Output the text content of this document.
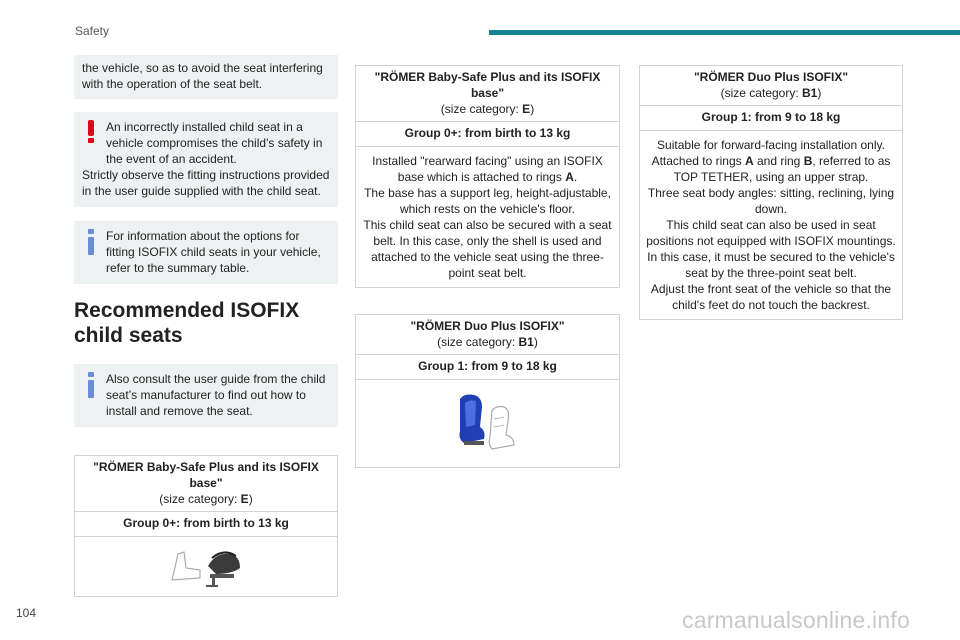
Safety

the vehicle, so as to avoid the seat interfering with the operation of the seat belt.

An incorrectly installed child seat in a vehicle compromises the child's safety in the event of an accident.

Strictly observe the fitting instructions provided in the user guide supplied with the child seat.

For information about the options for fitting ISOFIX child seats in your vehicle, refer to the summary table.

Recommended ISOFIX child seats

Also consult the user guide from the child seat’s manufacturer to find out how to install and remove the seat.

"RÖMER Baby-Safe Plus and its ISOFIX base"
(size category: E)
Group 0+: from birth to 13 kg
"RÖMER Baby-Safe Plus and its ISOFIX base"
(size category: E)
Group 0+: from birth to 13 kg
Installed "rearward facing" using an ISOFIX base which is attached to rings A.
The base has a support leg, height-adjustable, which rests on the vehicle's floor.
This child seat can also be secured with a seat belt. In this case, only the shell is used and attached to the vehicle seat using the three-point seat belt.
"RÖMER Duo Plus ISOFIX"
(size category: B1)
Group 1: from 9 to 18 kg
"RÖMER Duo Plus ISOFIX"
(size category: B1)
Group 1: from 9 to 18 kg
Suitable for forward-facing installation only.
Attached to rings A and ring B, referred to as TOP TETHER, using an upper strap.
Three seat body angles: sitting, reclining, lying down.
This child seat can also be used in seat positions not equipped with ISOFIX mountings. In this case, it must be secured to the vehicle's seat by the three-point seat belt.
Adjust the front seat of the vehicle so that the child's feet do not touch the backrest.
104	carmanualsonline.info
